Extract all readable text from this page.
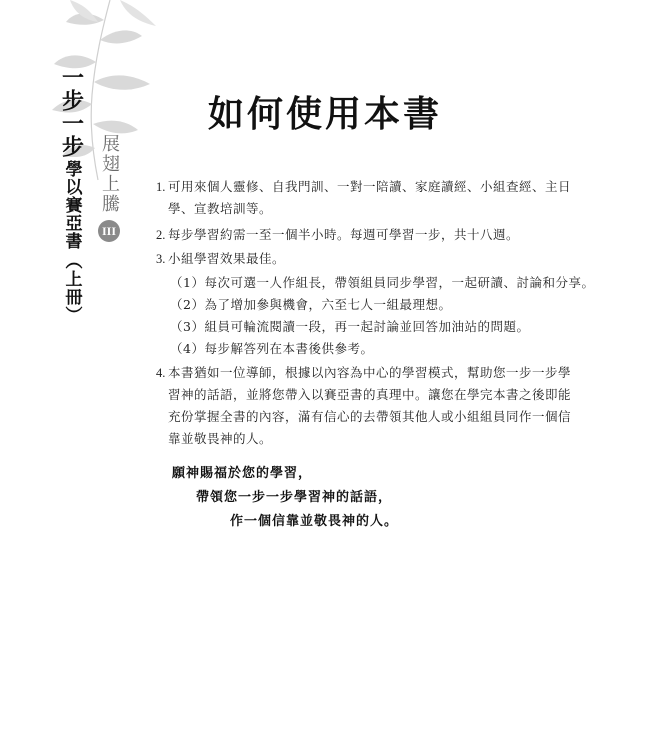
一步一步
學以賽亞書
（上冊）
展翅上騰
III
如何使用本書
1. 可用來個人靈修、自我門訓、一對一陪讀、家庭讀經、小組查經、主日
學、宣教培訓等。
2. 每步學習約需一至一個半小時。每週可學習一步，共十八週。
3. 小組學習效果最佳。
（1）每次可選一人作組長，帶領組員同步學習，一起研讀、討論和分享。
（2）為了增加參與機會，六至七人一組最理想。
（3）組員可輪流閱讀一段，再一起討論並回答加油站的問題。
（4）每步解答列在本書後供參考。
4. 本書猶如一位導師，根據以內容為中心的學習模式，幫助您一步一步學
習神的話語，並將您帶入以賽亞書的真理中。讓您在學完本書之後即能
充份掌握全書的內容，滿有信心的去帶領其他人或小組組員同作一個信
靠並敬畏神的人。
願神賜福於您的學習，
帶領您一步一步學習神的話語，
作一個信靠並敬畏神的人。
